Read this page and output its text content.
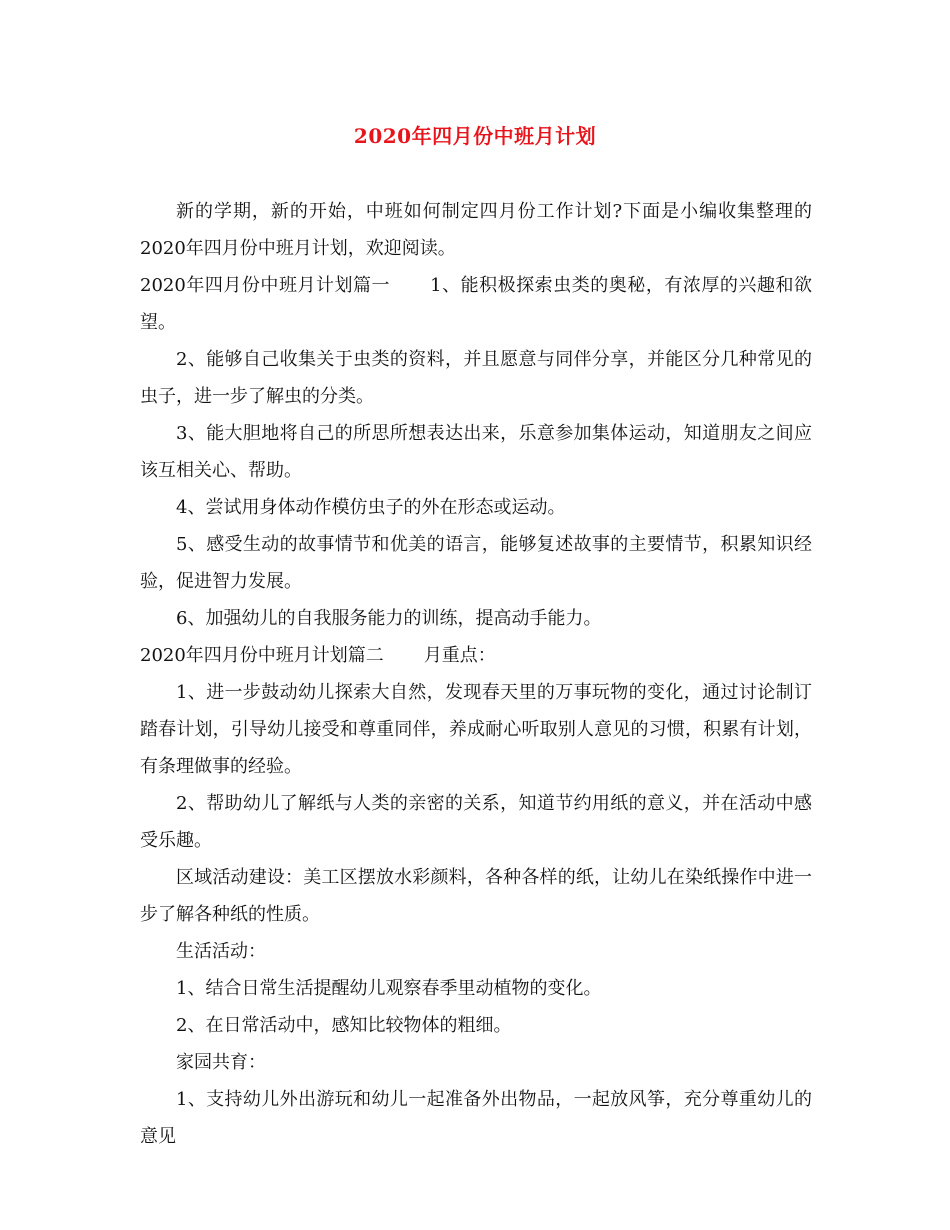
2020年四月份中班月计划

新的学期，新的开始，中班如何制定四月份工作计划?下面是小编收集整理的2020年四月份中班月计划，欢迎阅读。

2020年四月份中班月计划篇一 1、能积极探索虫类的奥秘，有浓厚的兴趣和欲望。

2、能够自己收集关于虫类的资料，并且愿意与同伴分享，并能区分几种常见的虫子，进一步了解虫的分类。

3、能大胆地将自己的所思所想表达出来，乐意参加集体运动，知道朋友之间应该互相关心、帮助。

4、尝试用身体动作模仿虫子的外在形态或运动。

5、感受生动的故事情节和优美的语言，能够复述故事的主要情节，积累知识经验，促进智力发展。

6、加强幼儿的自我服务能力的训练，提高动手能力。

2020年四月份中班月计划篇二 月重点：

1、进一步鼓动幼儿探索大自然，发现春天里的万事玩物的变化，通过讨论制订踏春计划，引导幼儿接受和尊重同伴，养成耐心听取别人意见的习惯，积累有计划，有条理做事的经验。

2、帮助幼儿了解纸与人类的亲密的关系，知道节约用纸的意义，并在活动中感受乐趣。

区域活动建设：美工区摆放水彩颜料，各种各样的纸，让幼儿在染纸操作中进一步了解各种纸的性质。

生活活动：

1、结合日常生活提醒幼儿观察春季里动植物的变化。

2、在日常活动中，感知比较物体的粗细。

家园共育：

1、支持幼儿外出游玩和幼儿一起准备外出物品，一起放风筝，充分尊重幼儿的意见
